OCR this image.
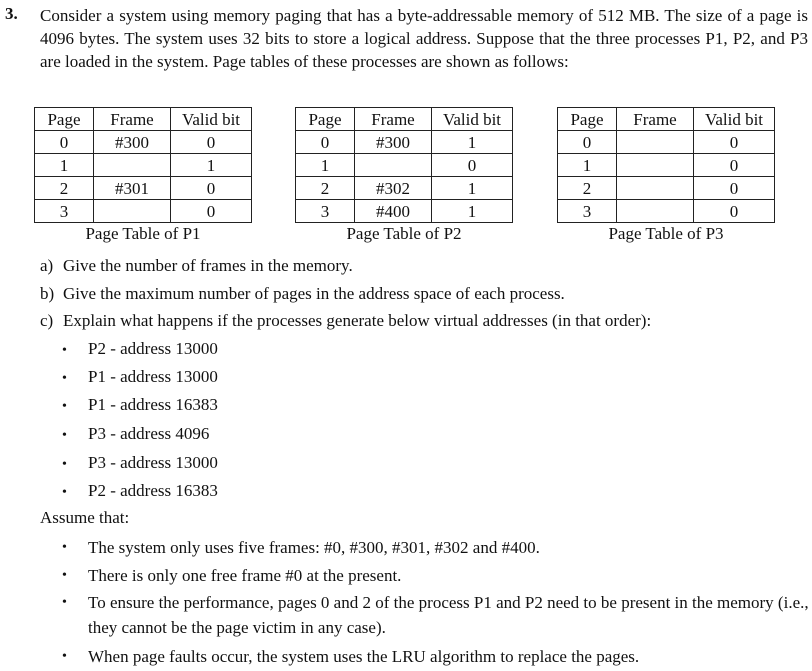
3. Consider a system using memory paging that has a byte-addressable memory of 512 MB. The size of a page is 4096 bytes. The system uses 32 bits to store a logical address. Suppose that the three processes P1, P2, and P3 are loaded in the system. Page tables of these processes are shown as follows:
Page	Frame	Valid bit
0	#300	0
1		1
2	#301	0
3		0
Page Table of P1
Page	Frame	Valid bit
0	#300	1
1		0
2	#302	1
3	#400	1
Page Table of P2
Page	Frame	Valid bit
0		0
1		0
2		0
3		0
Page Table of P3
a) Give the number of frames in the memory.
b) Give the maximum number of pages in the address space of each process.
c) Explain what happens if the processes generate below virtual addresses (in that order):
• P2 - address 13000
• P1 - address 13000
• P1 - address 16383
• P3 - address 4096
• P3 - address 13000
• P2 - address 16383
Assume that:
• The system only uses five frames: #0, #300, #301, #302 and #400.
• There is only one free frame #0 at the present.
• To ensure the performance, pages 0 and 2 of the process P1 and P2 need to be present in the memory (i.e., they cannot be the page victim in any case).
• When page faults occur, the system uses the LRU algorithm to replace the pages.
